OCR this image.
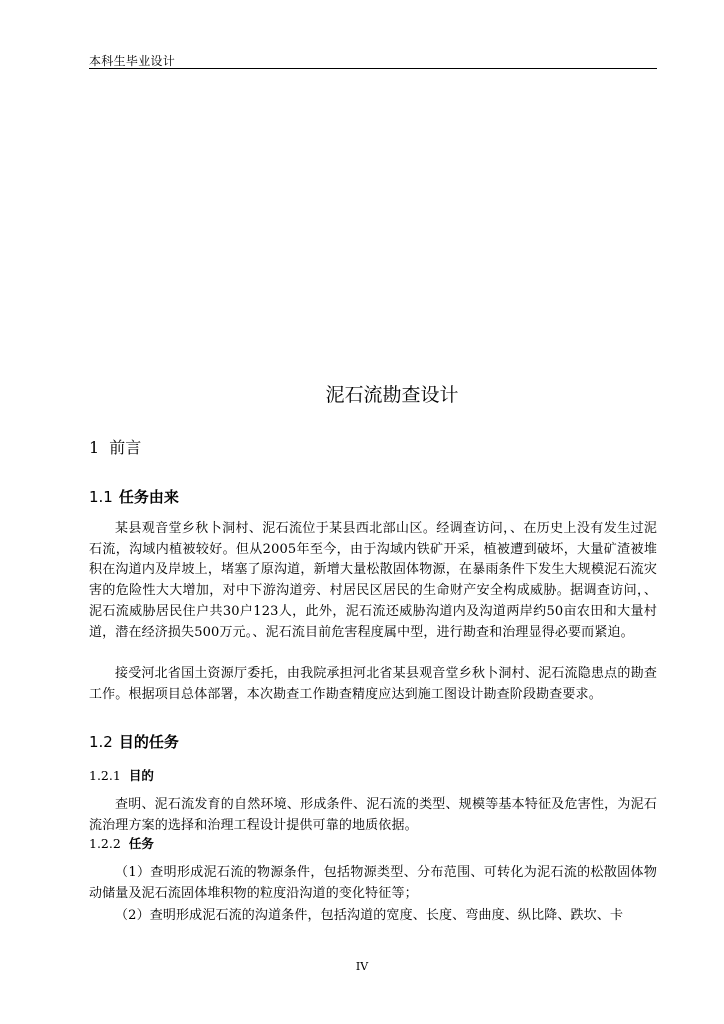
本科生毕业设计
泥石流勘查设计
1 前言
1.1 任务由来

某县观音堂乡秋卜洞村、泥石流位于某县西北部山区。经调查访问，、在历史上没有发生过泥石流，沟域内植被较好。但从2005年至今，由于沟域内铁矿开采，植被遭到破坏，大量矿渣被堆积在沟道内及岸坡上，堵塞了原沟道，新增大量松散固体物源，在暴雨条件下发生大规模泥石流灾害的危险性大大增加，对中下游沟道旁、村居民区居民的生命财产安全构成威胁。据调查访问，、泥石流威胁居民住户共30户123人，此外，泥石流还威胁沟道内及沟道两岸约50亩农田和大量村道，潜在经济损失500万元。、泥石流目前危害程度属中型，进行勘查和治理显得必要而紧迫。

接受河北省国土资源厅委托，由我院承担河北省某县观音堂乡秋卜洞村、泥石流隐患点的勘查工作。根据项目总体部署，本次勘查工作勘查精度应达到施工图设计勘查阶段勘查要求。

1.2 目的任务
1.2.1 目的

查明、泥石流发育的自然环境、形成条件、泥石流的类型、规模等基本特征及危害性，为泥石流治理方案的选择和治理工程设计提供可靠的地质依据。

1.2.2 任务

（1）查明形成泥石流的物源条件，包括物源类型、分布范围、可转化为泥石流的松散固体物动储量及泥石流固体堆积物的粒度沿沟道的变化特征等；

（2）查明形成泥石流的沟道条件，包括沟道的宽度、长度、弯曲度、纵比降、跌坎、卡

IV
